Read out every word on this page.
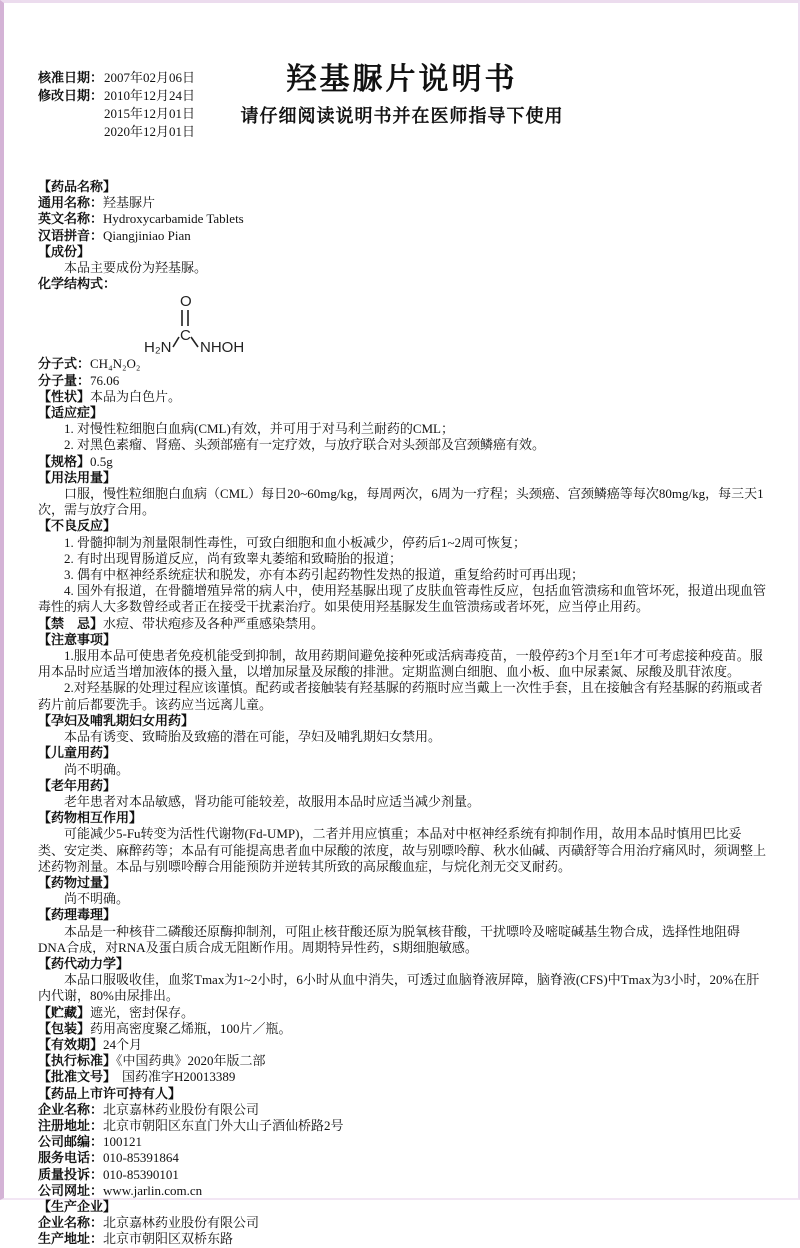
核准日期： 2007年02月06日
修改日期： 2010年12月24日
2015年12月01日
2020年12月01日
羟基脲片说明书
请仔细阅读说明书并在医师指导下使用

【药品名称】

通用名称：羟基脲片

英文名称：Hydroxycarbamide Tablets

汉语拼音：Qiangjiniao Pian

【成份】

本品主要成份为羟基脲。

化学结构式：

O
C
H₂N NHOH

分子式：CH₄N₂O₂

分子量：76.06

【性状】本品为白色片。

【适应症】

1. 对慢性粒细胞白血病(CML)有效，并可用于对马利兰耐药的CML；

2. 对黑色素瘤、肾癌、头颈部癌有一定疗效，与放疗联合对头颈部及宫颈鳞癌有效。

【规格】0.5g

【用法用量】

口服，慢性粒细胞白血病（CML）每日20~60mg/kg，每周两次，6周为一疗程；头颈癌、宫颈鳞癌等每次80mg/kg，每三天1次，需与放疗合用。

【不良反应】

1. 骨髓抑制为剂量限制性毒性，可致白细胞和血小板减少，停药后1~2周可恢复；

2. 有时出现胃肠道反应，尚有致睾丸萎缩和致畸胎的报道；

3. 偶有中枢神经系统症状和脱发，亦有本药引起药物性发热的报道，重复给药时可再出现；

4. 国外有报道，在骨髓增殖异常的病人中，使用羟基脲出现了皮肤血管毒性反应，包括血管溃疡和血管坏死，报道出现血管毒性的病人大多数曾经或者正在接受干扰素治疗。如果使用羟基脲发生血管溃疡或者坏死，应当停止用药。

【禁　忌】水痘、带状疱疹及各种严重感染禁用。

【注意事项】

1.服用本品可使患者免疫机能受到抑制，故用药期间避免接种死或活病毒疫苗，一般停药3个月至1年才可考虑接种疫苗。服用本品时应适当增加液体的摄入量，以增加尿量及尿酸的排泄。定期监测白细胞、血小板、血中尿素氮、尿酸及肌苷浓度。

2.对羟基脲的处理过程应该谨慎。配药或者接触装有羟基脲的药瓶时应当戴上一次性手套，且在接触含有羟基脲的药瓶或者药片前后都要洗手。该药应当远离儿童。

【孕妇及哺乳期妇女用药】

本品有诱变、致畸胎及致癌的潜在可能，孕妇及哺乳期妇女禁用。

【儿童用药】

尚不明确。

【老年用药】

老年患者对本品敏感，肾功能可能较差，故服用本品时应适当减少剂量。

【药物相互作用】

可能减少5-Fu转变为活性代谢物(Fd-UMP)，二者并用应慎重；本品对中枢神经系统有抑制作用，故用本品时慎用巴比妥类、安定类、麻醉药等；本品有可能提高患者血中尿酸的浓度，故与别嘌呤醇、秋水仙碱、丙磺舒等合用治疗痛风时，须调整上述药物剂量。本品与别嘌呤醇合用能预防并逆转其所致的高尿酸血症，与烷化剂无交叉耐药。

【药物过量】

尚不明确。

【药理毒理】

本品是一种核苷二磷酸还原酶抑制剂，可阻止核苷酸还原为脱氧核苷酸，干扰嘌呤及嘧啶碱基生物合成，选择性地阻碍DNA合成，对RNA及蛋白质合成无阻断作用。周期特异性药，S期细胞敏感。

【药代动力学】

本品口服吸收佳，血浆Tmax为1~2小时，6小时从血中消失，可透过血脑脊液屏障，脑脊液(CFS)中Tmax为3小时，20%在肝内代谢，80%由尿排出。

【贮藏】遮光，密封保存。

【包装】药用高密度聚乙烯瓶，100片／瓶。

【有效期】24个月

【执行标准】《中国药典》2020年版二部

【批准文号】 国药准字H20013389

【药品上市许可持有人】

企业名称：北京嘉林药业股份有限公司

注册地址：北京市朝阳区东直门外大山子酒仙桥路2号

公司邮编：100121

服务电话：010-85391864

质量投诉：010-85390101

公司网址：www.jarlin.com.cn

【生产企业】

企业名称：北京嘉林药业股份有限公司

生产地址：北京市朝阳区双桥东路
